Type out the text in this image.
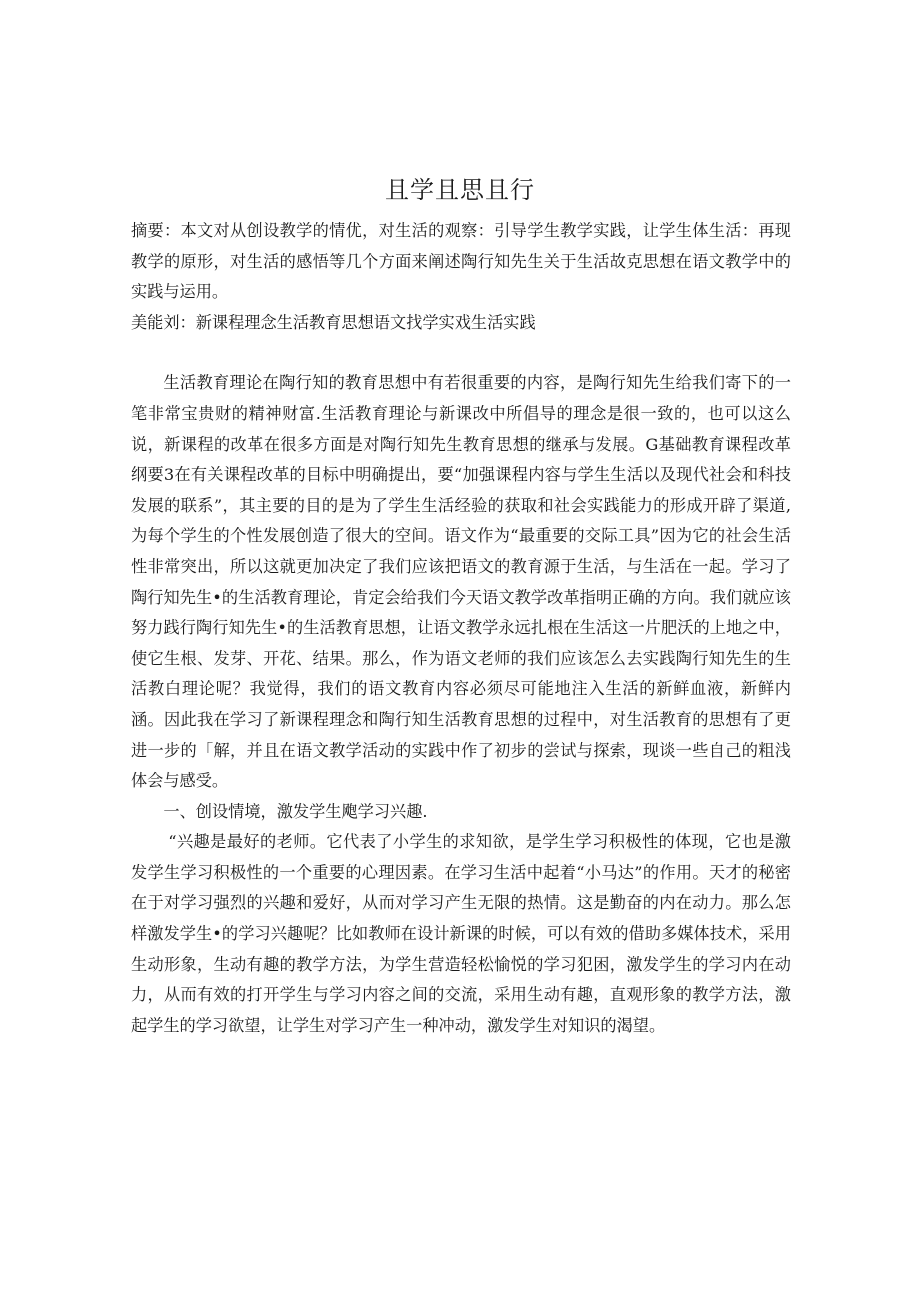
且学且思且行

摘要：本文对从创设教学的情优，对生活的观察：引导学生教学实践，让学生体生活：再现教学的原形，对生活的感悟等几个方面来阐述陶行知先生关于生活故克思想在语文教学中的实践与运用。

美能刘：新课程理念生活教育思想语文找学实戏生活实践

生活教育理论在陶行知的教育思想中有若很重要的内容，是陶行知先生给我们寄下的一笔非常宝贵财的精神财富.生活教育理论与新课改中所倡导的理念是很一致的，也可以这么说，新课程的改革在很多方面是对陶行知先生教育思想的继承与发展。G基础教育课程改革纲要3在有关课程改革的目标中明确提出，要“加强课程内容与学生生活以及现代社会和科技发展的联系”，其主要的目的是为了学生生活经验的获取和社会实践能力的形成开辟了渠道,为每个学生的个性发展创造了很大的空间。语文作为“最重要的交际工具”因为它的社会生活性非常突出，所以这就更加决定了我们应该把语文的教育源于生活，与生活在一起。学习了陶行知先生•的生活教育理论，肯定会给我们今天语文教学改革指明正确的方向。我们就应该努力践行陶行知先生•的生活教育思想，让语文教学永远扎根在生活这一片肥沃的上地之中，使它生根、发芽、开花、结果。那么，作为语文老师的我们应该怎么去实践陶行知先生的生活教白理论呢？我觉得，我们的语文教育内容必须尽可能地注入生活的新鲜血液，新鲜内涵。因此我在学习了新课程理念和陶行知生活教育思想的过程中，对生活教育的思想有了更进一步的「解，并且在语文教学活动的实践中作了初步的尝试与探索，现谈一些自己的粗浅体会与感受。

一、创设情境，激发学生飑学习兴趣.

“兴趣是最好的老师。它代表了小学生的求知欲，是学生学习积极性的体现，它也是激发学生学习积极性的一个重要的心理因素。在学习生活中起着“小马达”的作用。天才的秘密在于对学习强烈的兴趣和爱好，从而对学习产生无限的热情。这是勤奋的内在动力。那么怎样激发学生•的学习兴趣呢？比如教师在设计新课的时候，可以有效的借助多媒体技术，采用生动形象，生动有趣的教学方法，为学生营造轻松愉悦的学习犯困，激发学生的学习内在动力，从而有效的打开学生与学习内容之间的交流，采用生动有趣，直观形象的教学方法，激起学生的学习欲望，让学生对学习产生一种冲动，激发学生对知识的渴望。
